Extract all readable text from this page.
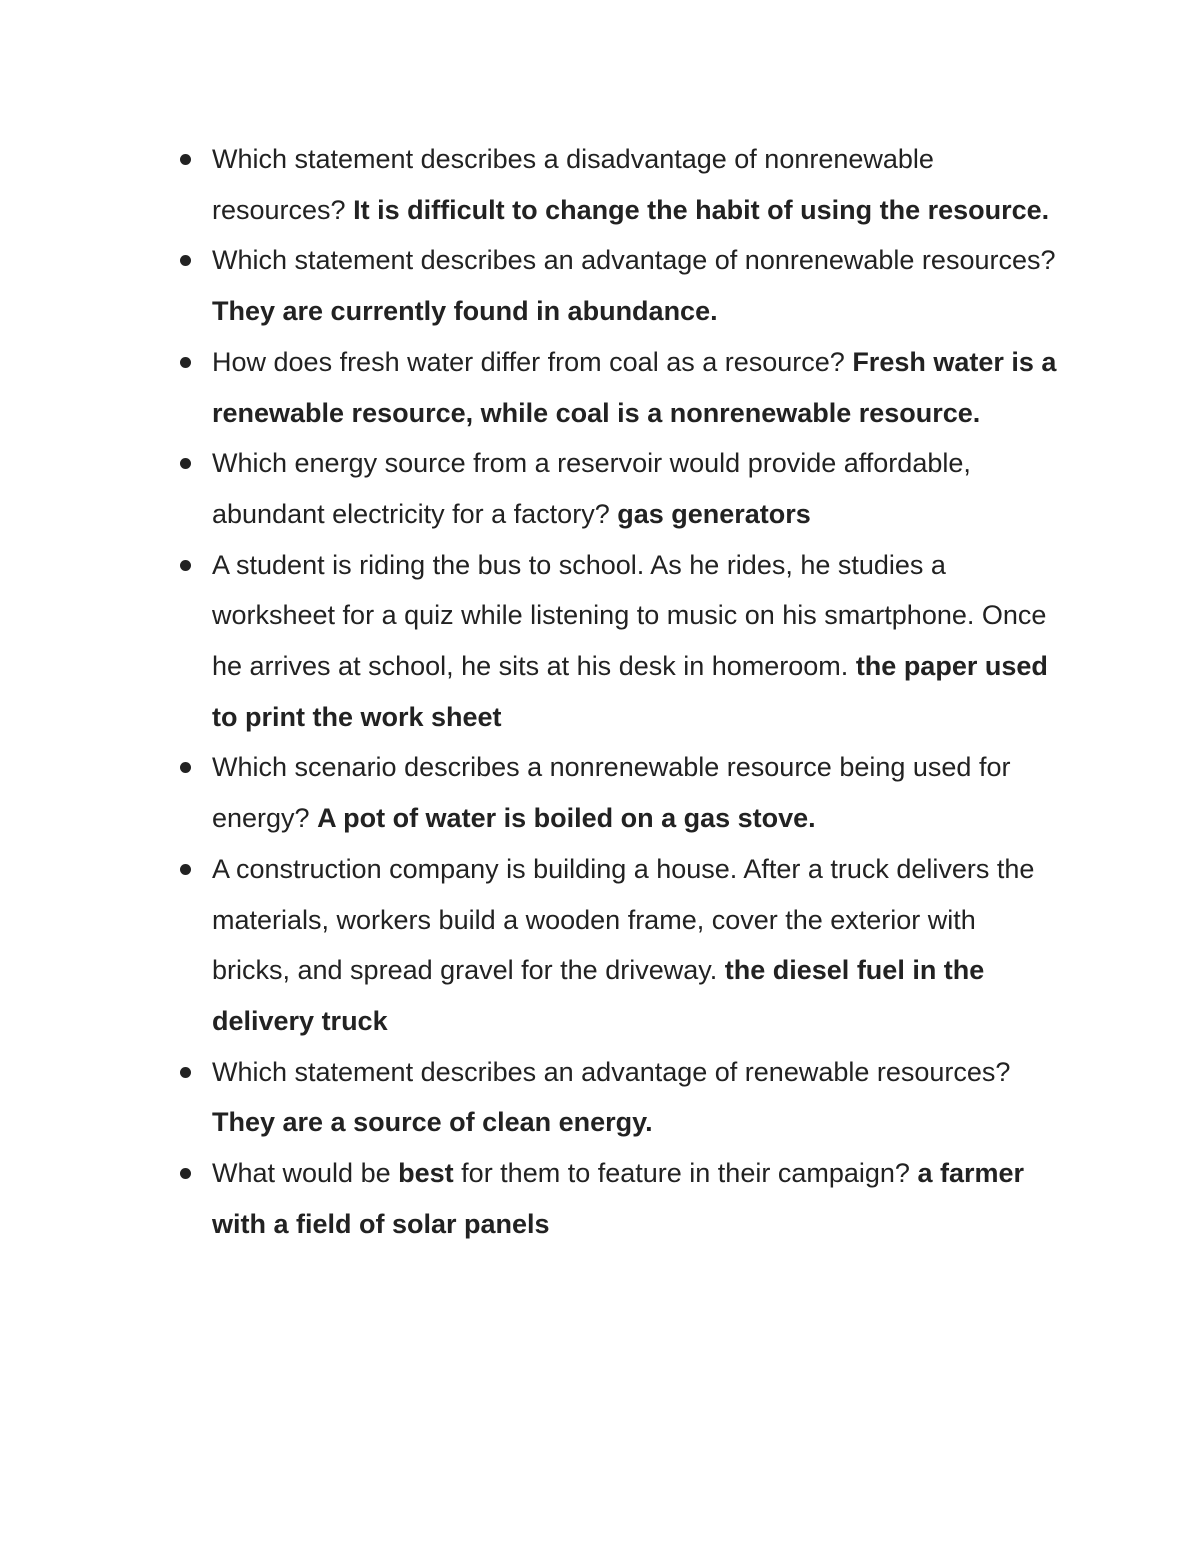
Which statement describes a disadvantage of nonrenewable resources? It is difficult to change the habit of using the resource.
Which statement describes an advantage of nonrenewable resources? They are currently found in abundance.
How does fresh water differ from coal as a resource? Fresh water is a renewable resource, while coal is a nonrenewable resource.
Which energy source from a reservoir would provide affordable, abundant electricity for a factory? gas generators
A student is riding the bus to school. As he rides, he studies a worksheet for a quiz while listening to music on his smartphone. Once he arrives at school, he sits at his desk in homeroom. the paper used to print the work sheet
Which scenario describes a nonrenewable resource being used for energy? A pot of water is boiled on a gas stove.
A construction company is building a house. After a truck delivers the materials, workers build a wooden frame, cover the exterior with bricks, and spread gravel for the driveway. the diesel fuel in the delivery truck
Which statement describes an advantage of renewable resources? They are a source of clean energy.
What would be best for them to feature in their campaign? a farmer with a field of solar panels
